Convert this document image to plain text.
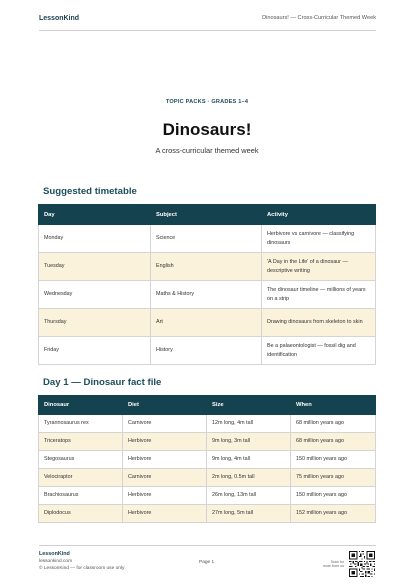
LessonKind	Dinosaurs! — Cross-Curricular Themed Week
TOPIC PACKS · GRADES 1–4
Dinosaurs!
A cross-curricular themed week
Suggested timetable
Day	Subject	Activity
Monday	Science	Herbivore vs carnivore — classifying dinosaurs
Tuesday	English	'A Day in the Life' of a dinosaur — descriptive writing
Wednesday	Maths & History	The dinosaur timeline — millions of years on a strip
Thursday	Art	Drawing dinosaurs from skeleton to skin
Friday	History	Be a palaeontologist — fossil dig and identification
Day 1 — Dinosaur fact file
Dinosaur	Diet	Size	When
Tyrannosaurus rex	Carnivore	12m long, 4m tall	68 million years ago
Triceratops	Herbivore	9m long, 3m tall	68 million years ago
Stegosaurus	Herbivore	9m long, 4m tall	150 million years ago
Velociraptor	Carnivore	2m long, 0.5m tall	75 million years ago
Brachiosaurus	Herbivore	26m long, 13m tall	150 million years ago
Diplodocus	Herbivore	27m long, 5m tall	152 million years ago
LessonKind
lessonkind.com
© LessonKind — for classroom use only
Page 1	Scan for
more from us
